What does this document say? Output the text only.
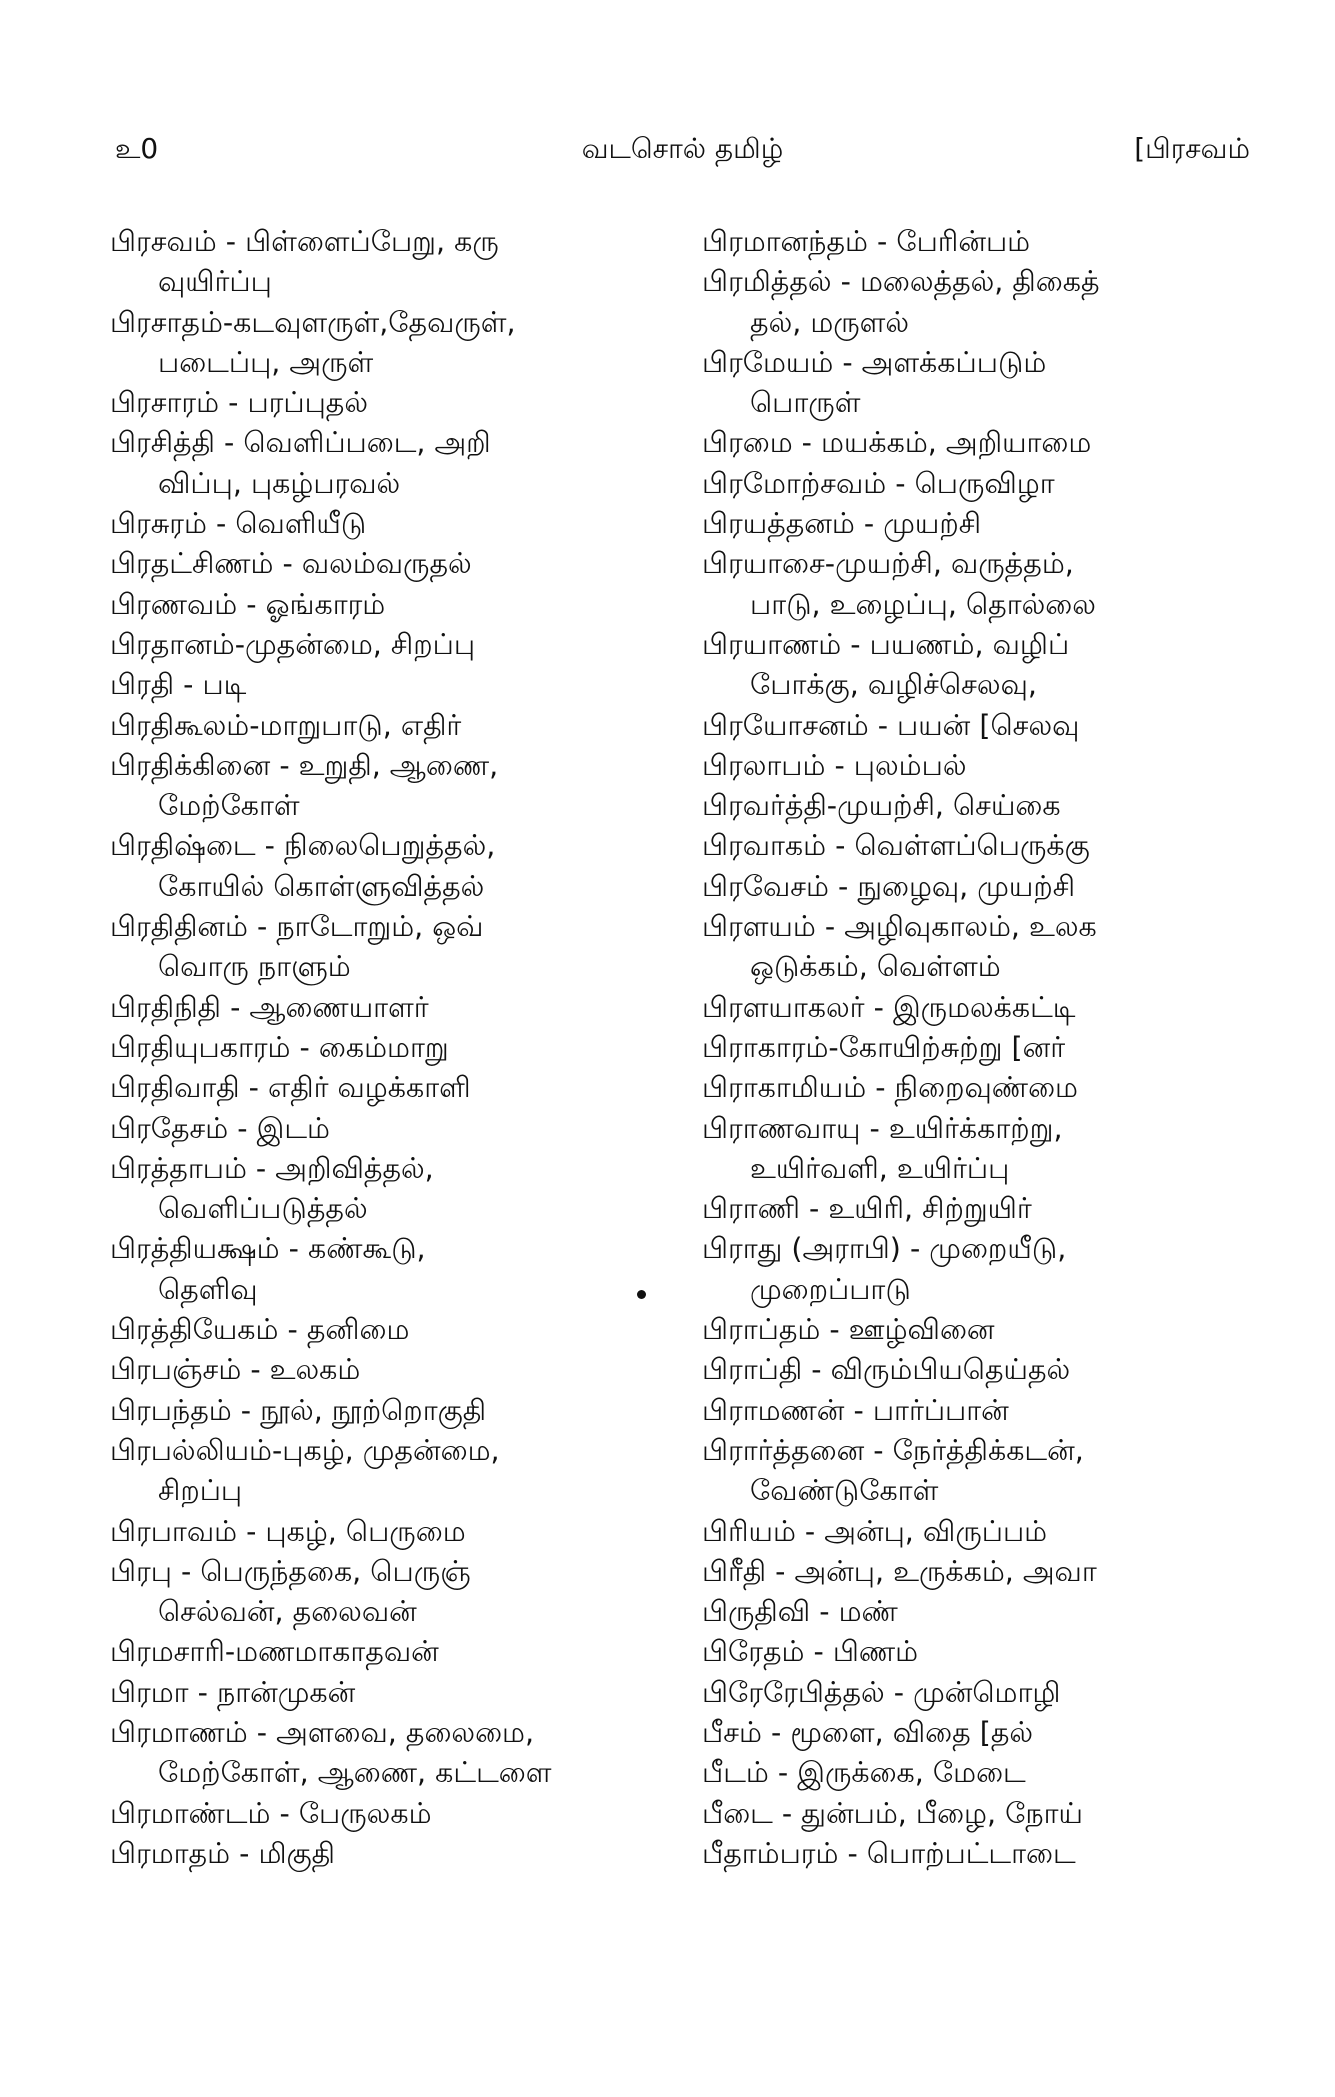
உ0	வடசொல் தமிழ்	[பிரசவம்
பிரசவம் - பிள்ளைப்பேறு, கரு
வுயிர்ப்பு
பிரசாதம்-கடவுளருள்,தேவருள்,
படைப்பு, அருள்
பிரசாரம் - பரப்புதல்
பிரசித்தி - வெளிப்படை, அறி
விப்பு, புகழ்பரவல்
பிரசுரம் - வெளியீடு
பிரதட்சிணம் - வலம்வருதல்
பிரணவம் - ஓங்காரம்
பிரதானம்-முதன்மை, சிறப்பு
பிரதி - படி
பிரதிகூலம்-மாறுபாடு, எதிர்
பிரதிக்கினை - உறுதி, ஆணை,
மேற்கோள்
பிரதிஷ்டை - நிலைபெறுத்தல்,
கோயில் கொள்ளுவித்தல்
பிரதிதினம் - நாடோறும், ஒவ்
வொரு நாளும்
பிரதிநிதி - ஆணையாளர்
பிரதியுபகாரம் - கைம்மாறு
பிரதிவாதி - எதிர் வழக்காளி
பிரதேசம் - இடம்
பிரத்தாபம் - அறிவித்தல்,
வெளிப்படுத்தல்
பிரத்தியக்ஷம் - கண்கூடு,
தெளிவு
பிரத்தியேகம் - தனிமை
பிரபஞ்சம் - உலகம்
பிரபந்தம் - நூல், நூற்றொகுதி
பிரபல்லியம்-புகழ், முதன்மை,
சிறப்பு
பிரபாவம் - புகழ், பெருமை
பிரபு - பெருந்தகை, பெருஞ்
செல்வன், தலைவன்
பிரமசாரி-மணமாகாதவன்
பிரமா - நான்முகன்
பிரமாணம் - அளவை, தலைமை,
மேற்கோள், ஆணை, கட்டளை
பிரமாண்டம் - பேருலகம்
பிரமாதம் - மிகுதி
பிரமானந்தம் - பேரின்பம்
பிரமித்தல் - மலைத்தல், திகைத்
தல், மருளல்
பிரமேயம் - அளக்கப்படும்
பொருள்
பிரமை - மயக்கம், அறியாமை
பிரமோற்சவம் - பெருவிழா
பிரயத்தனம் - முயற்சி
பிரயாசை-முயற்சி, வருத்தம்,
பாடு, உழைப்பு, தொல்லை
பிரயாணம் - பயணம், வழிப்
போக்கு, வழிச்செலவு,
பிரயோசனம் - பயன் [செலவு
பிரலாபம் - புலம்பல்
பிரவர்த்தி-முயற்சி, செய்கை
பிரவாகம் - வெள்ளப்பெருக்கு
பிரவேசம் - நுழைவு, முயற்சி
பிரளயம் - அழிவுகாலம், உலக
ஒடுக்கம், வெள்ளம்
பிரளயாகலர் - இருமலக்கட்டி
பிராகாரம்-கோயிற்சுற்று [னர்
பிராகாமியம் - நிறைவுண்மை
பிராணவாயு - உயிர்க்காற்று,
உயிர்வளி, உயிர்ப்பு
பிராணி - உயிரி, சிற்றுயிர்
பிராது (அராபி) - முறையீடு,
முறைப்பாடு
பிராப்தம் - ஊழ்வினை
பிராப்தி - விரும்பியதெய்தல்
பிராமணன் - பார்ப்பான்
பிரார்த்தனை - நேர்த்திக்கடன்,
வேண்டுகோள்
பிரியம் - அன்பு, விருப்பம்
பிரீதி - அன்பு, உருக்கம், அவா
பிருதிவி - மண்
பிரேதம் - பிணம்
பிரேரேபித்தல் - முன்மொழி
பீசம் - மூளை, விதை [தல்
பீடம் - இருக்கை, மேடை
பீடை - துன்பம், பீழை, நோய்
பீதாம்பரம் - பொற்பட்டாடை
